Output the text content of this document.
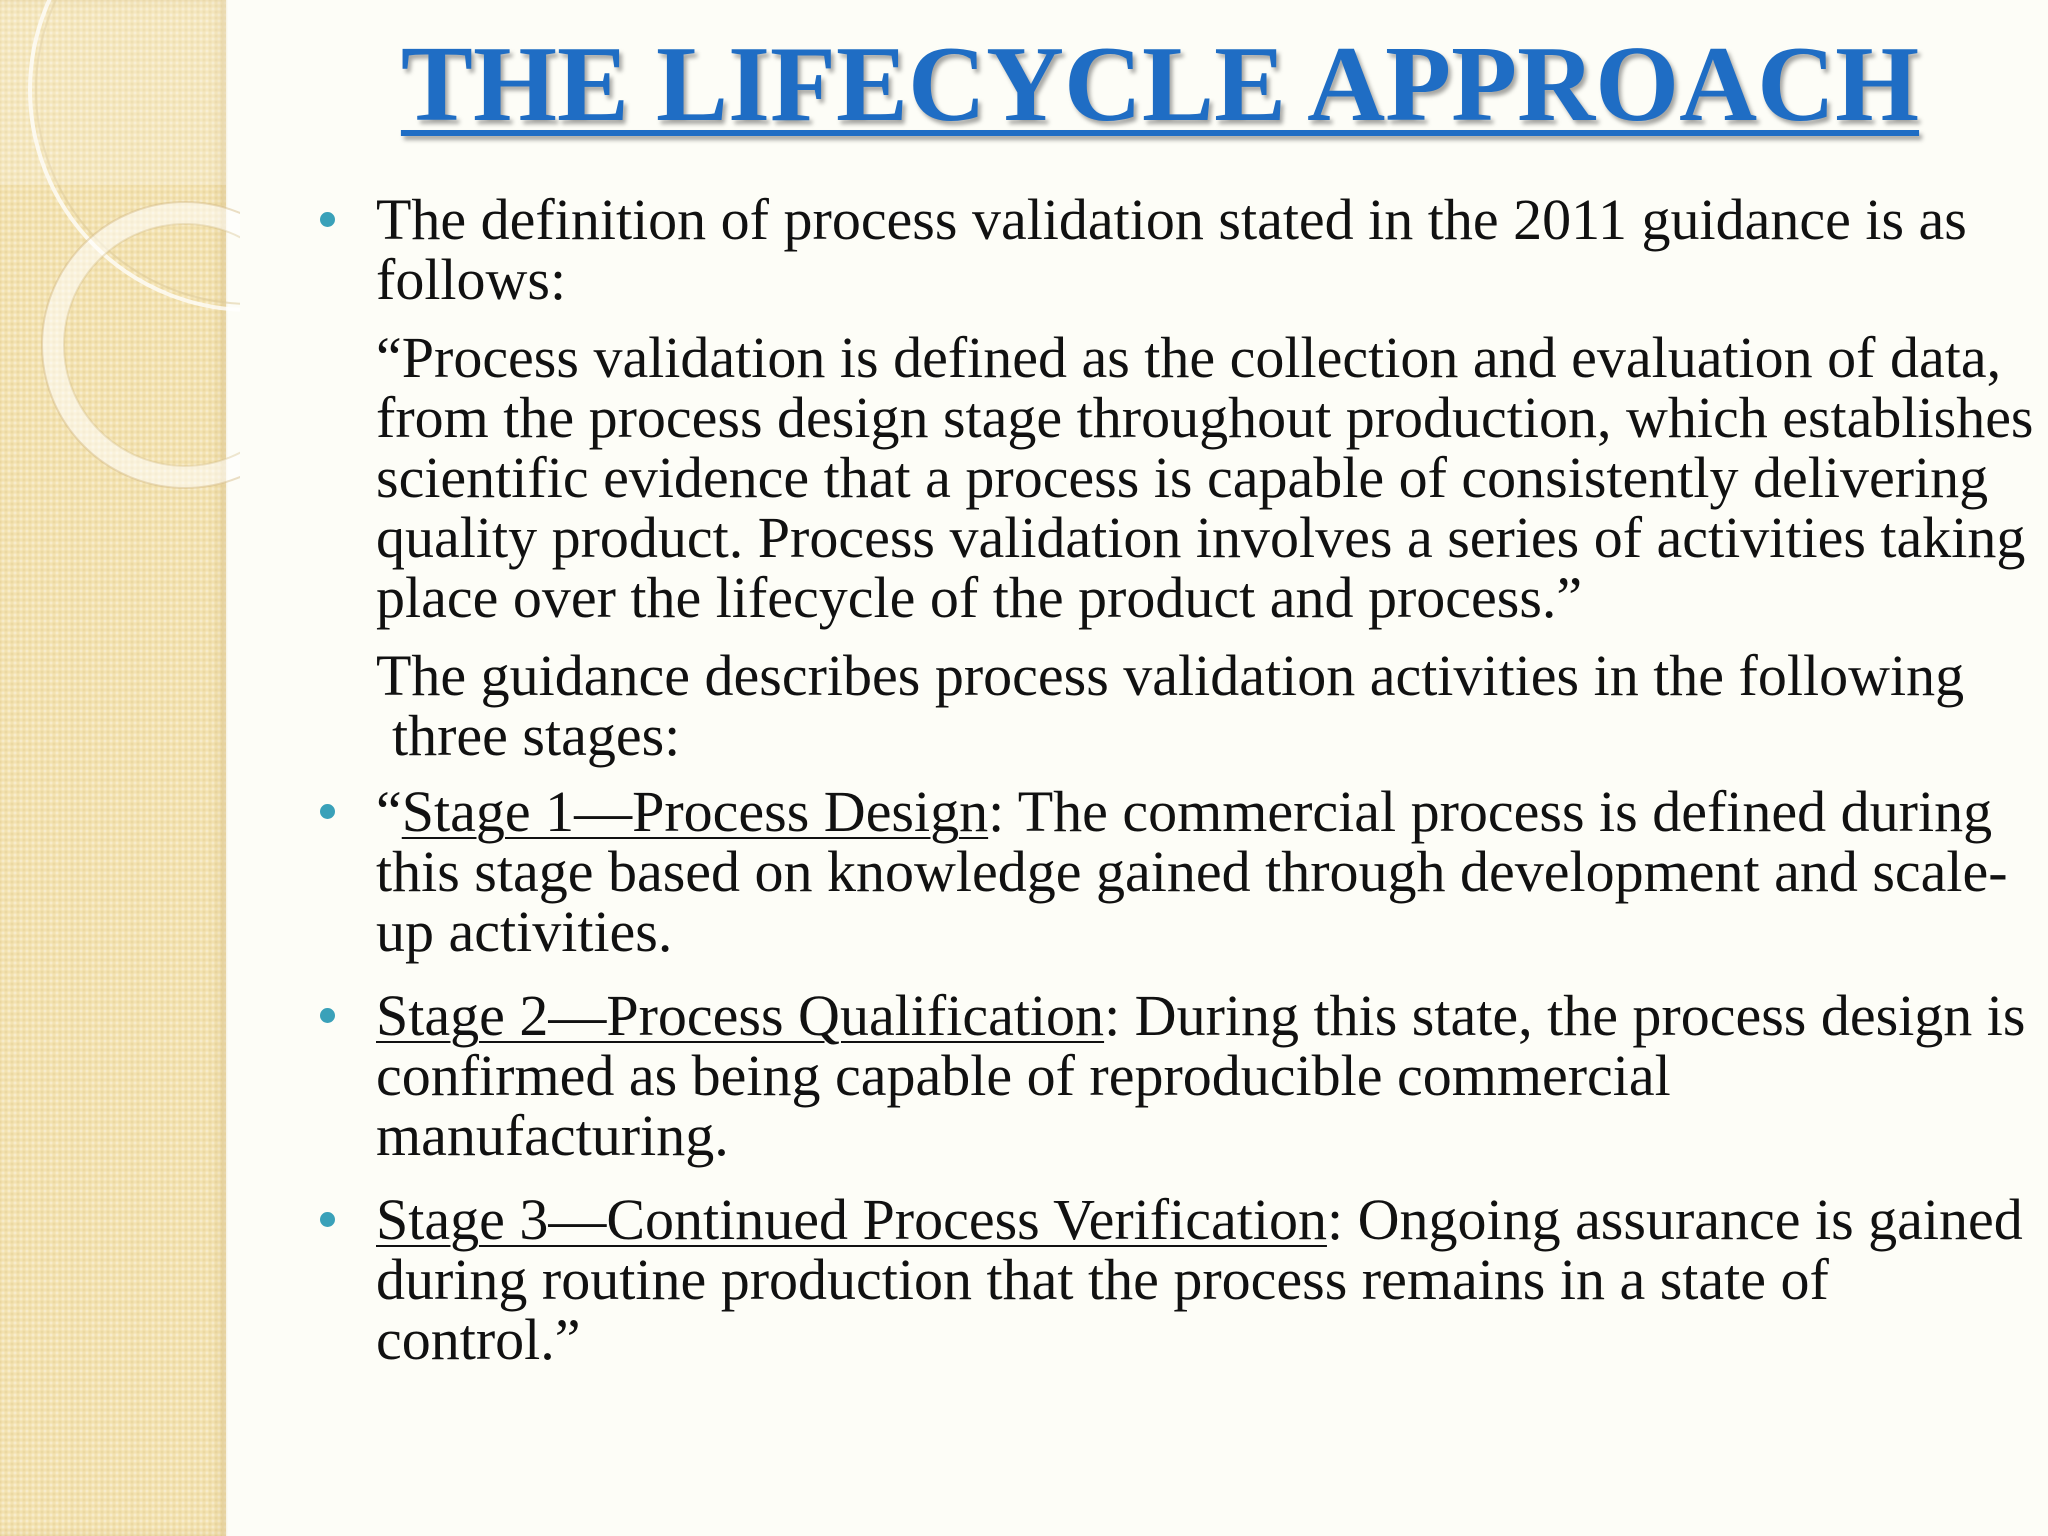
THE LIFECYCLE APPROACH

The definition of process validation stated in the 2011 guidance is as follows:

“Process validation is defined as the collection and evaluation of data, from the process design stage throughout production, which establishes scientific evidence that a process is capable of consistently delivering quality product. Process validation involves a series of activities taking place over the lifecycle of the product and process.”

The guidance describes process validation activities in the following three stages:

“Stage 1—Process Design: The commercial process is defined during this stage based on knowledge gained through development and scale-up activities.

Stage 2—Process Qualification: During this state, the process design is confirmed as being capable of reproducible commercial manufacturing.

Stage 3—Continued Process Verification: Ongoing assurance is gained during routine production that the process remains in a state of control.”
